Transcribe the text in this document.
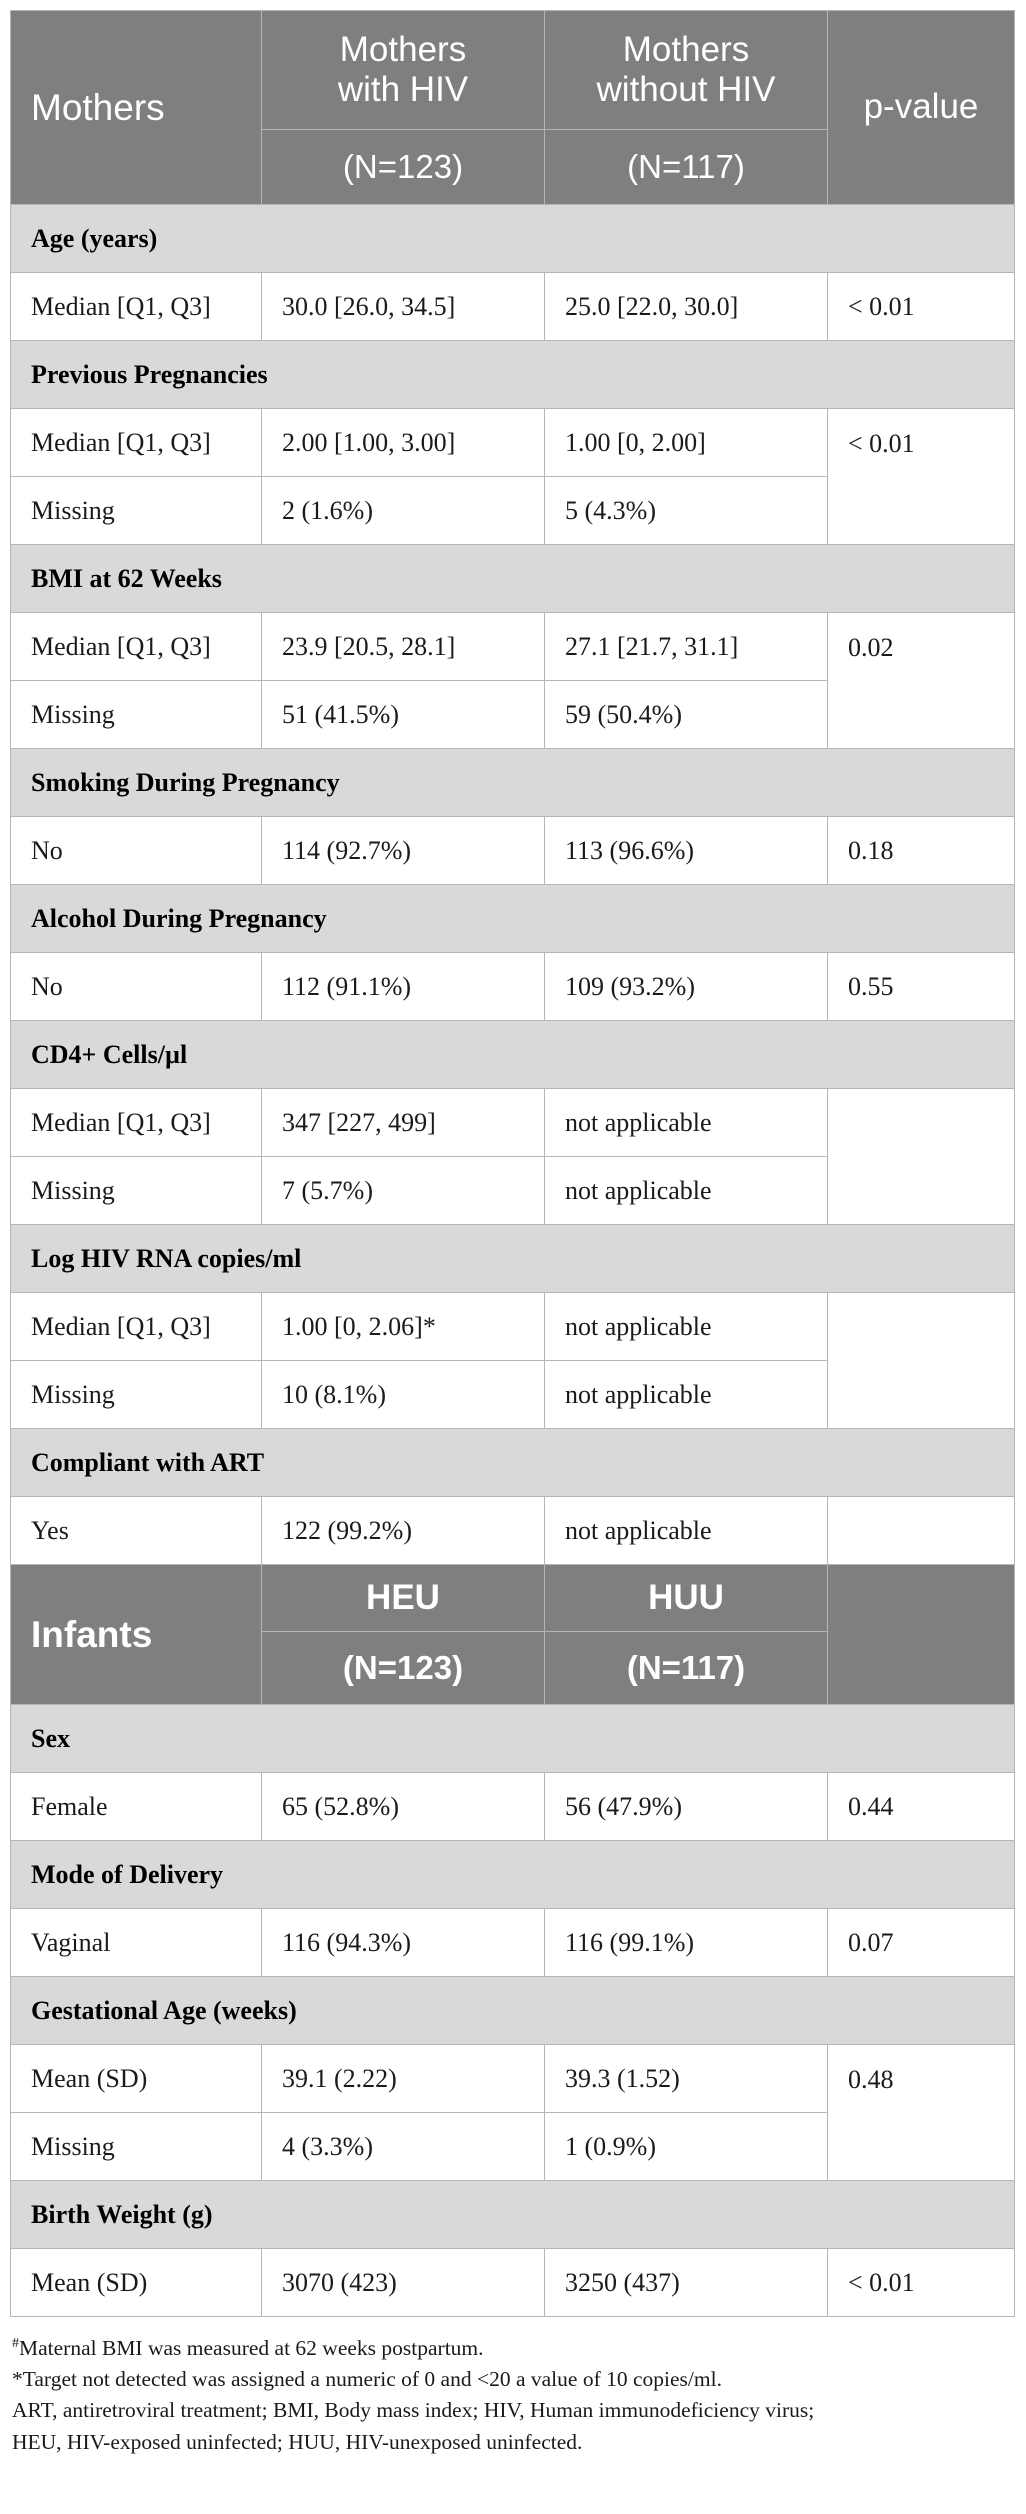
Mothers	Mothers with HIV	Mothers without HIV	p-value
	(N=123)	(N=117)	
Age (years)			
Median [Q1, Q3]	30.0 [26.0, 34.5]	25.0 [22.0, 30.0]	< 0.01
Previous Pregnancies			
Median [Q1, Q3]	2.00 [1.00, 3.00]	1.00 [0, 2.00]	< 0.01
Missing	2 (1.6%)	5 (4.3%)	
BMI at 62 Weeks			
Median [Q1, Q3]	23.9 [20.5, 28.1]	27.1 [21.7, 31.1]	0.02
Missing	51 (41.5%)	59 (50.4%)	
Smoking During Pregnancy			
No	114 (92.7%)	113 (96.6%)	0.18
Alcohol During Pregnancy			
No	112 (91.1%)	109 (93.2%)	0.55
CD4+ Cells/µl			
Median [Q1, Q3]	347 [227, 499]	not applicable	
Missing	7 (5.7%)	not applicable	
Log HIV RNA copies/ml			
Median [Q1, Q3]	1.00 [0, 2.06]*	not applicable	
Missing	10 (8.1%)	not applicable	
Compliant with ART			
Yes	122 (99.2%)	not applicable	
Infants	HEU	HUU	
	(N=123)	(N=117)	
Sex			
Female	65 (52.8%)	56 (47.9%)	0.44
Mode of Delivery			
Vaginal	116 (94.3%)	116 (99.1%)	0.07
Gestational Age (weeks)			
Mean (SD)	39.1 (2.22)	39.3 (1.52)	0.48
Missing	4 (3.3%)	1 (0.9%)	
Birth Weight (g)			
Mean (SD)	3070 (423)	3250 (437)	< 0.01
#Maternal BMI was measured at 62 weeks postpartum.
*Target not detected was assigned a numeric of 0 and <20 a value of 10 copies/ml.
ART, antiretroviral treatment; BMI, Body mass index; HIV, Human immunodeficiency virus;
HEU, HIV-exposed uninfected; HUU, HIV-unexposed uninfected.
